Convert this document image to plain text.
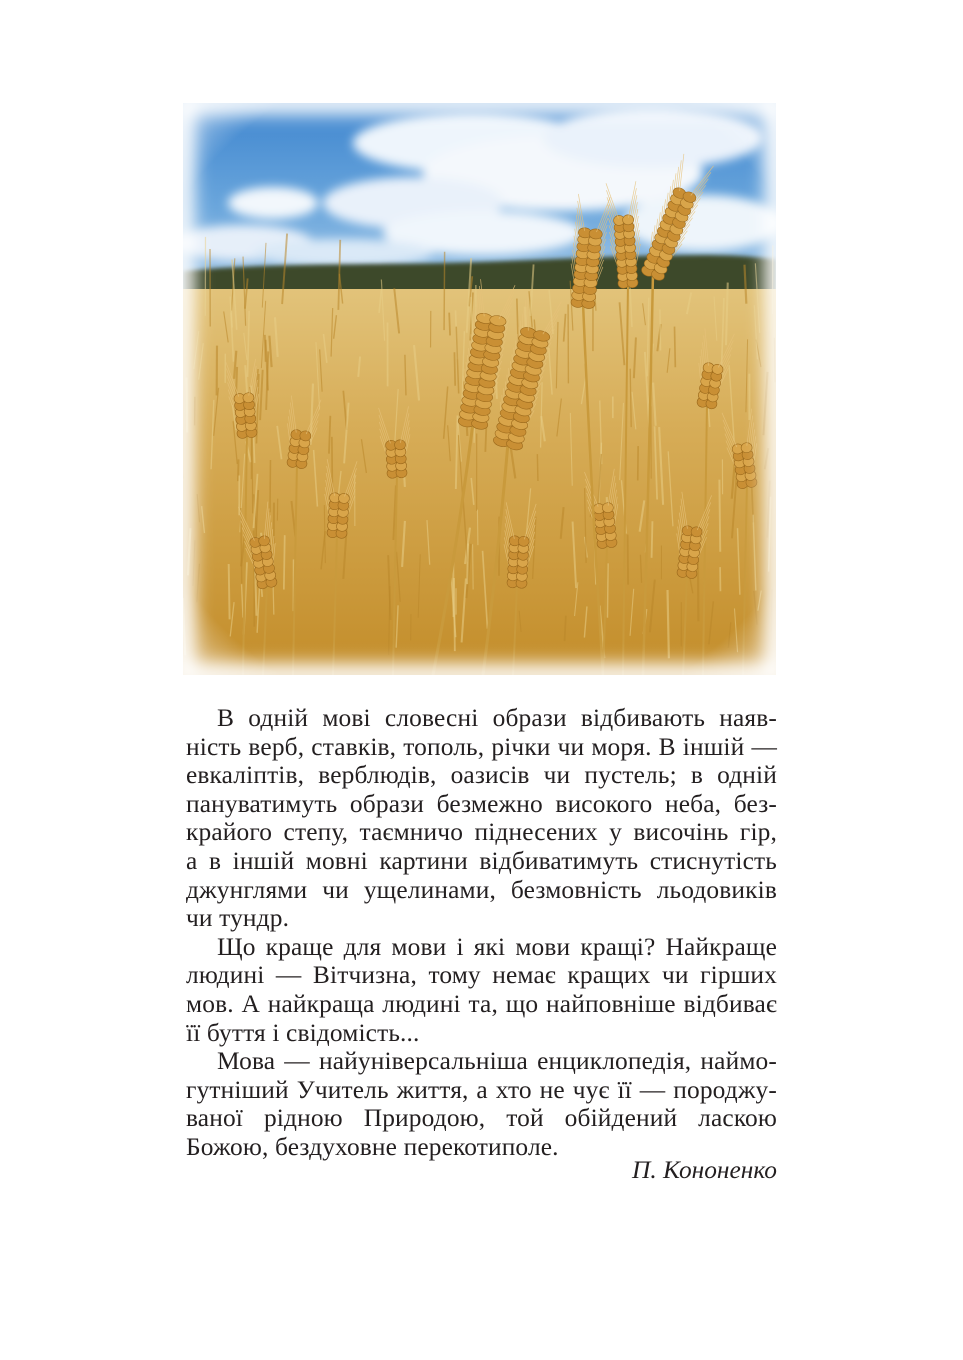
В одній мові словесні образи відбивають наяв-
ність верб, ставків, тополь, річки чи моря. В іншій —
евкаліптів, верблюдів, оазисів чи пустель; в одній
пануватимуть образи безмежно високого неба, без-
крайого степу, таємничо піднесених у височінь гір,
а в іншій мовні картини відбиватимуть стиснутість
джунглями чи ущелинами, безмовність льодовиків
чи тундр.
Що краще для мови і які мови кращі? Найкраще
людині — Вітчизна, тому немає кращих чи гірших
мов. А найкраща людині та, що найповніше відбиває
її буття і свідомість...
Мова — найуніверсальніша енциклопедія, наймо-
гутніший Учитель життя, а хто не чує її — породжу-
ваної рідною Природою, той обійдений ласкою
Божою, бездуховне перекотиполе.
П. Кононенко
